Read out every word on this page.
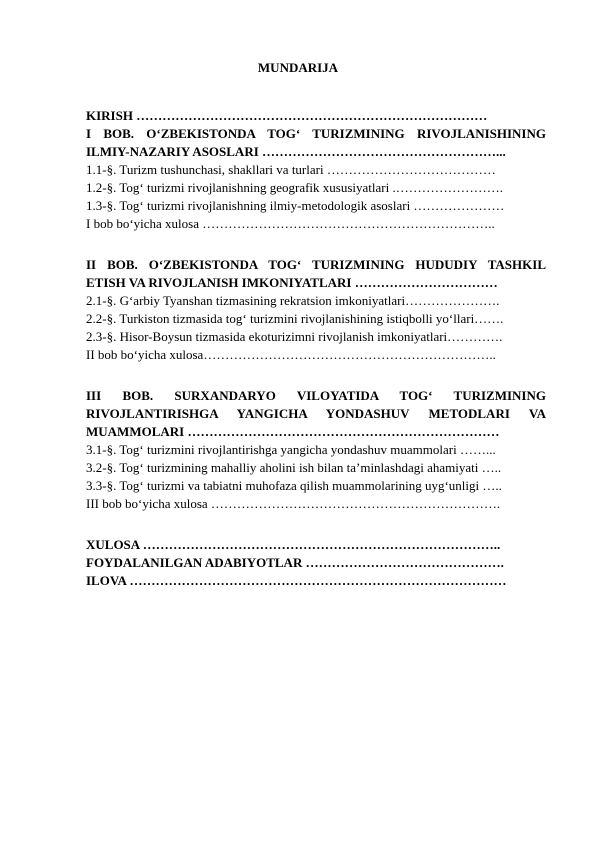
MUNDARIJA
KIRISH ………………………………………………………………………
I BOB. O‘ZBEKISTONDA TOG‘ TURIZMINING RIVOJLANISHINING
ILMIY-NAZARIY ASOSLARI ………………………………………………...
1.1-§. Turizm tushunchasi, shakllari va turlari …………………………………
1.2-§. Tog‘ turizmi rivojlanishning geografik xususiyatlari .…………………….
1.3-§. Tog‘ turizmi rivojlanishning ilmiy-metodologik asoslari …………………
I bob bo‘yicha xulosa …………………………………………………………..
II BOB. O‘ZBEKISTONDA TOG‘ TURIZMINING HUDUDIY TASHKIL
ETISH VA RIVOJLANISH IMKONIYATLARI ……………………………
2.1-§. G‘arbiy Tyanshan tizmasining rekratsion imkoniyatlari………………….
2.2-§. Turkiston tizmasida tog‘ turizmini rivojlanishining istiqbolli yo‘llari…….
2.3-§. Hisor-Boysun tizmasida ekoturizimni rivojlanish imkoniyatlari………….
II bob bo‘yicha xulosa…………………………………………………………..
III BOB. SURXANDARYO VILOYATIDA TOG‘ TURIZMINING
RIVOJLANTIRISHGA YANGICHA YONDASHUV METODLARI VA
MUAMMOLARI ………………………………………………………………
3.1-§. Tog‘ turizmini rivojlantirishga yangicha yondashuv muammolari ……...
3.2-§. Tog‘ turizmining mahalliy aholini ish bilan ta’minlashdagi ahamiyati …..
3.3-§. Tog‘ turizmi va tabiatni muhofaza qilish muammolarining uyg‘unligi …..
III bob bo‘yicha xulosa ………………………………………………………….
XULOSA ………………………………………………………………………..
FOYDALANILGAN ADABIYOTLAR ……………………………………….
ILOVA ……………………………………………………………………………
